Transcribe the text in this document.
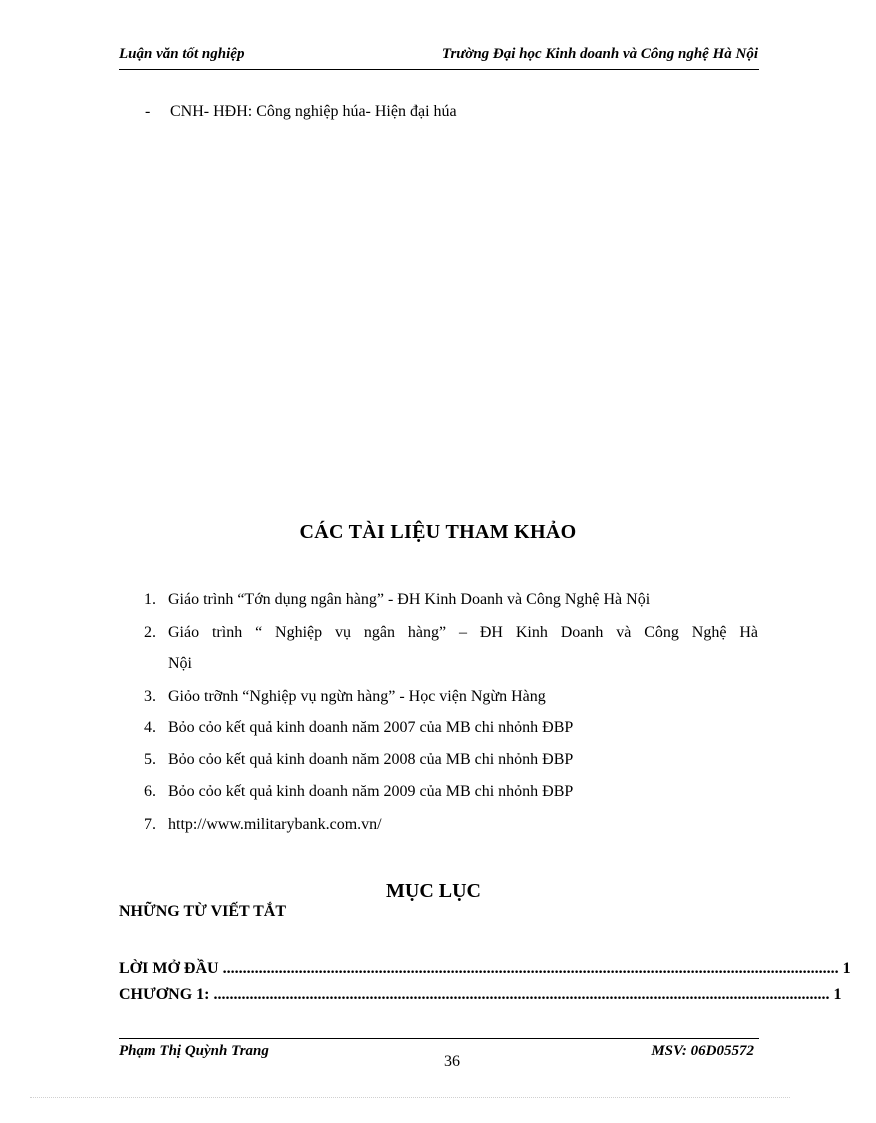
Luận văn tốt nghiệp	Trường Đại học Kinh doanh và Công nghệ Hà Nội
- CNH- HĐH: Công nghiệp húa- Hiện đại húa
CÁC TÀI LIỆU THAM KHẢO
1. Giáo trình “Tớn dụng ngân hàng” - ĐH Kinh Doanh và Công Nghệ Hà Nội
2. Giáo trình “ Nghiệp vụ ngân hàng” – ĐH Kinh Doanh và Công Nghệ Hà
Nội
3. Giỏo trỡnh “Nghiệp vụ ngừn hàng” - Học viện Ngừn Hàng
4. Bỏo cỏo kết quả kinh doanh năm 2007 của MB chi nhỏnh ĐBP
5. Bỏo cỏo kết quả kinh doanh năm 2008 của MB chi nhỏnh ĐBP
6. Bỏo cỏo kết quả kinh doanh năm 2009 của MB chi nhỏnh ĐBP
7. http://www.militarybank.com.vn/
MỤC LỤC
NHỮNG TỪ VIẾT TẮT
LỜI MỞ ĐẦU .......................................................................................................................................................... 1
CHƯƠNG 1: .......................................................................................................................................................... 1
Phạm Thị Quỳnh Trang	MSV: 06D05572
36
